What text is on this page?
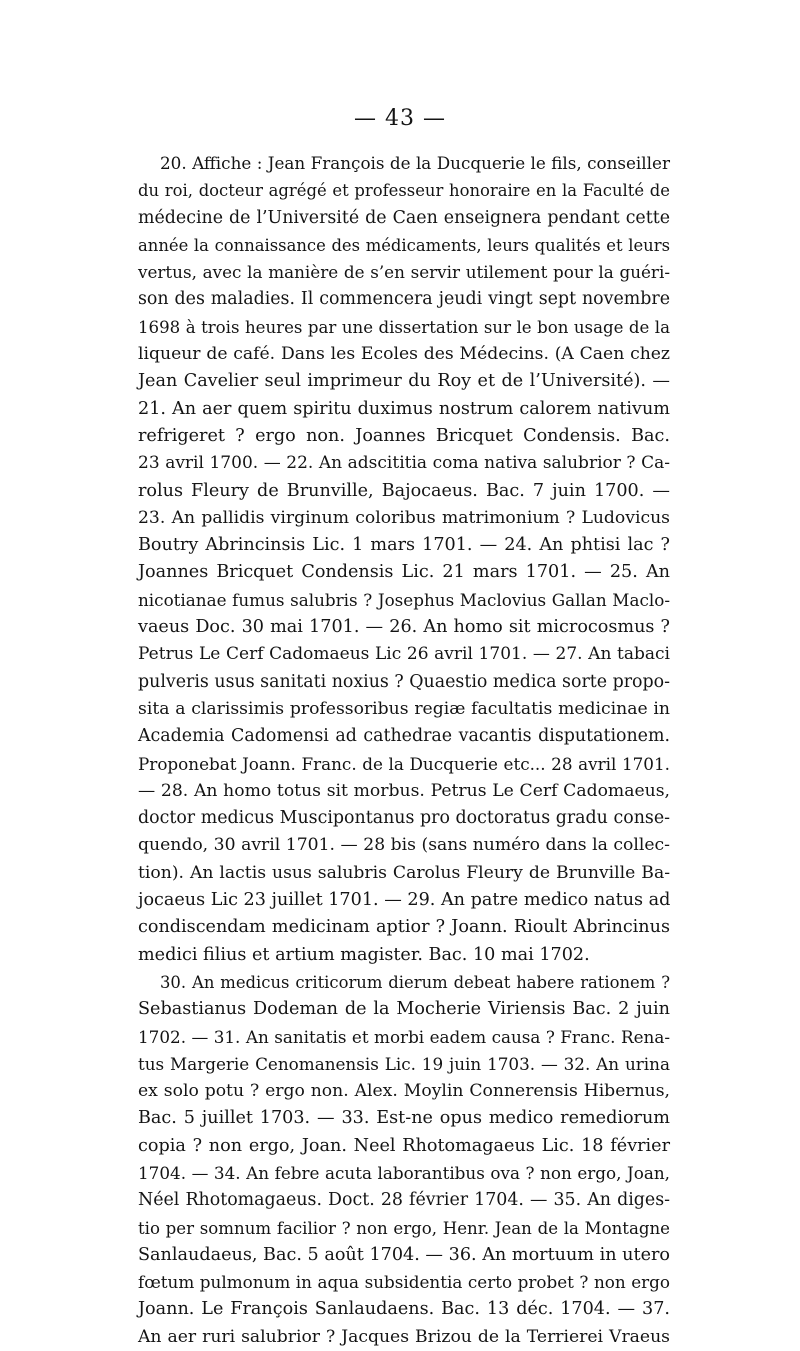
— 43 —
20. Affiche : Jean François de la Ducquerie le fils, conseiller
du roi, docteur agrégé et professeur honoraire en la Faculté de
médecine de l’Université de Caen enseignera pendant cette
année la connaissance des médicaments, leurs qualités et leurs
vertus, avec la manière de s’en servir utilement pour la guéri-
son des maladies. Il commencera jeudi vingt sept novembre
1698 à trois heures par une dissertation sur le bon usage de la
liqueur de café. Dans les Ecoles des Médecins. (A Caen chez
Jean Cavelier seul imprimeur du Roy et de l’Université). —
21. An aer quem spiritu duximus nostrum calorem nativum
refrigeret ? ergo non. Joannes Bricquet Condensis. Bac.
23 avril 1700. — 22. An adscititia coma nativa salubrior ? Ca-
rolus Fleury de Brunville, Bajocaeus. Bac. 7 juin 1700. —
23. An pallidis virginum coloribus matrimonium ? Ludovicus
Boutry Abrincinsis Lic. 1 mars 1701. — 24. An phtisi lac ?
Joannes Bricquet Condensis Lic. 21 mars 1701. — 25. An
nicotianae fumus salubris ? Josephus Maclovius Gallan Maclo-
vaeus Doc. 30 mai 1701. — 26. An homo sit microcosmus ?
Petrus Le Cerf Cadomaeus Lic 26 avril 1701. — 27. An tabaci
pulveris usus sanitati noxius ? Quaestio medica sorte propo-
sita a clarissimis professoribus regiæ facultatis medicinae in
Academia Cadomensi ad cathedrae vacantis disputationem.
Proponebat Joann. Franc. de la Ducquerie etc... 28 avril 1701.
— 28. An homo totus sit morbus. Petrus Le Cerf Cadomaeus,
doctor medicus Muscipontanus pro doctoratus gradu conse-
quendo, 30 avril 1701. — 28 bis (sans numéro dans la collec-
tion). An lactis usus salubris Carolus Fleury de Brunville Ba-
jocaeus Lic 23 juillet 1701. — 29. An patre medico natus ad
condiscendam medicinam aptior ? Joann. Rioult Abrincinus
medici filius et artium magister. Bac. 10 mai 1702.
30. An medicus criticorum dierum debeat habere rationem ?
Sebastianus Dodeman de la Mocherie Viriensis Bac. 2 juin
1702. — 31. An sanitatis et morbi eadem causa ? Franc. Rena-
tus Margerie Cenomanensis Lic. 19 juin 1703. — 32. An urina
ex solo potu ? ergo non. Alex. Moylin Connerensis Hibernus,
Bac. 5 juillet 1703. — 33. Est-ne opus medico remediorum
copia ? non ergo, Joan. Neel Rhotomagaeus Lic. 18 février
1704. — 34. An febre acuta laborantibus ova ? non ergo, Joan,
Néel Rhotomagaeus. Doct. 28 février 1704. — 35. An diges-
tio per somnum facilior ? non ergo, Henr. Jean de la Montagne
Sanlaudaeus, Bac. 5 août 1704. — 36. An mortuum in utero
fœtum pulmonum in aqua subsidentia certo probet ? non ergo
Joann. Le François Sanlaudaens. Bac. 13 déc. 1704. — 37.
An aer ruri salubrior ? Jacques Brizou de la Terrierei Vraeus
